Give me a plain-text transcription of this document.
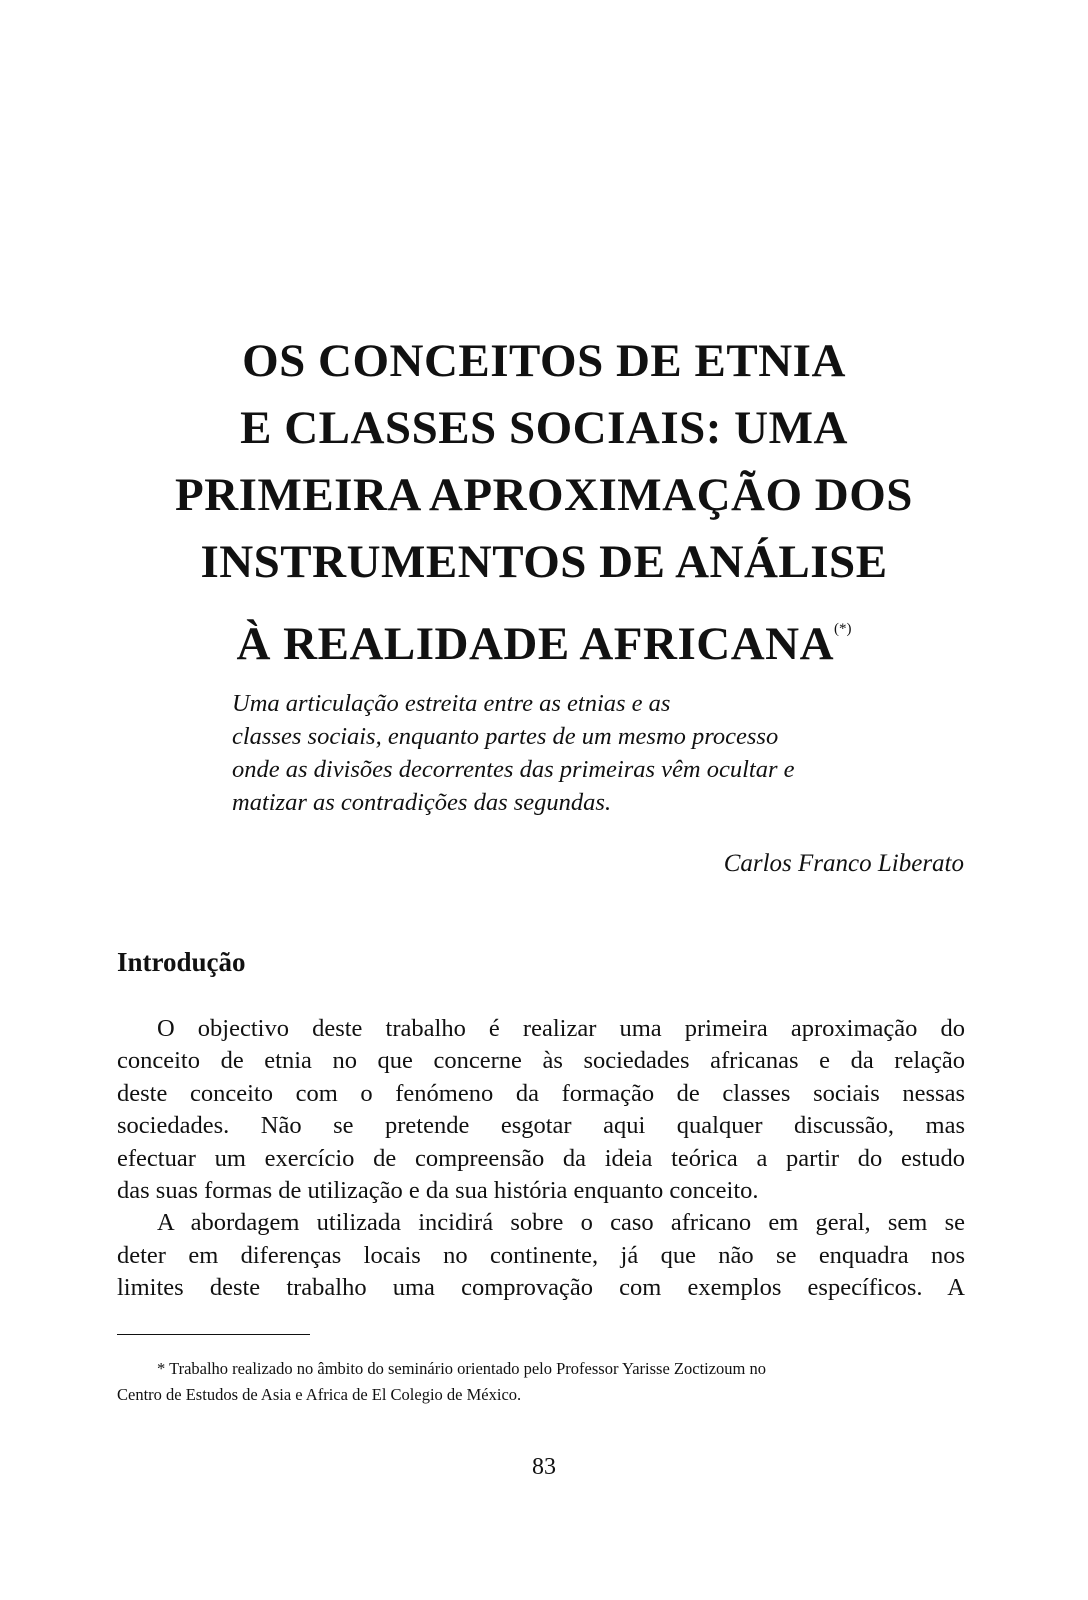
OS CONCEITOS DE ETNIA
E CLASSES SOCIAIS: UMA
PRIMEIRA APROXIMAÇÃO DOS
INSTRUMENTOS DE ANÁLISE
À REALIDADE AFRICANA(*)
Uma articulação estreita entre as etnias e as
classes sociais, enquanto partes de um mesmo processo
onde as divisões decorrentes das primeiras vêm ocultar e
matizar as contradições das segundas.
Carlos Franco Liberato
Introdução
O objectivo deste trabalho é realizar uma primeira aproximação do
conceito de etnia no que concerne às sociedades africanas e da relação
deste conceito com o fenómeno da formação de classes sociais nessas
sociedades. Não se pretende esgotar aqui qualquer discussão, mas
efectuar um exercício de compreensão da ideia teórica a partir do estudo
das suas formas de utilização e da sua história enquanto conceito.
A abordagem utilizada incidirá sobre o caso africano em geral, sem se
deter em diferenças locais no continente, já que não se enquadra nos
limites deste trabalho uma comprovação com exemplos específicos. A
* Trabalho realizado no âmbito do seminário orientado pelo Professor Yarisse Zoctizoum no
Centro de Estudos de Asia e Africa de El Colegio de México.
83
